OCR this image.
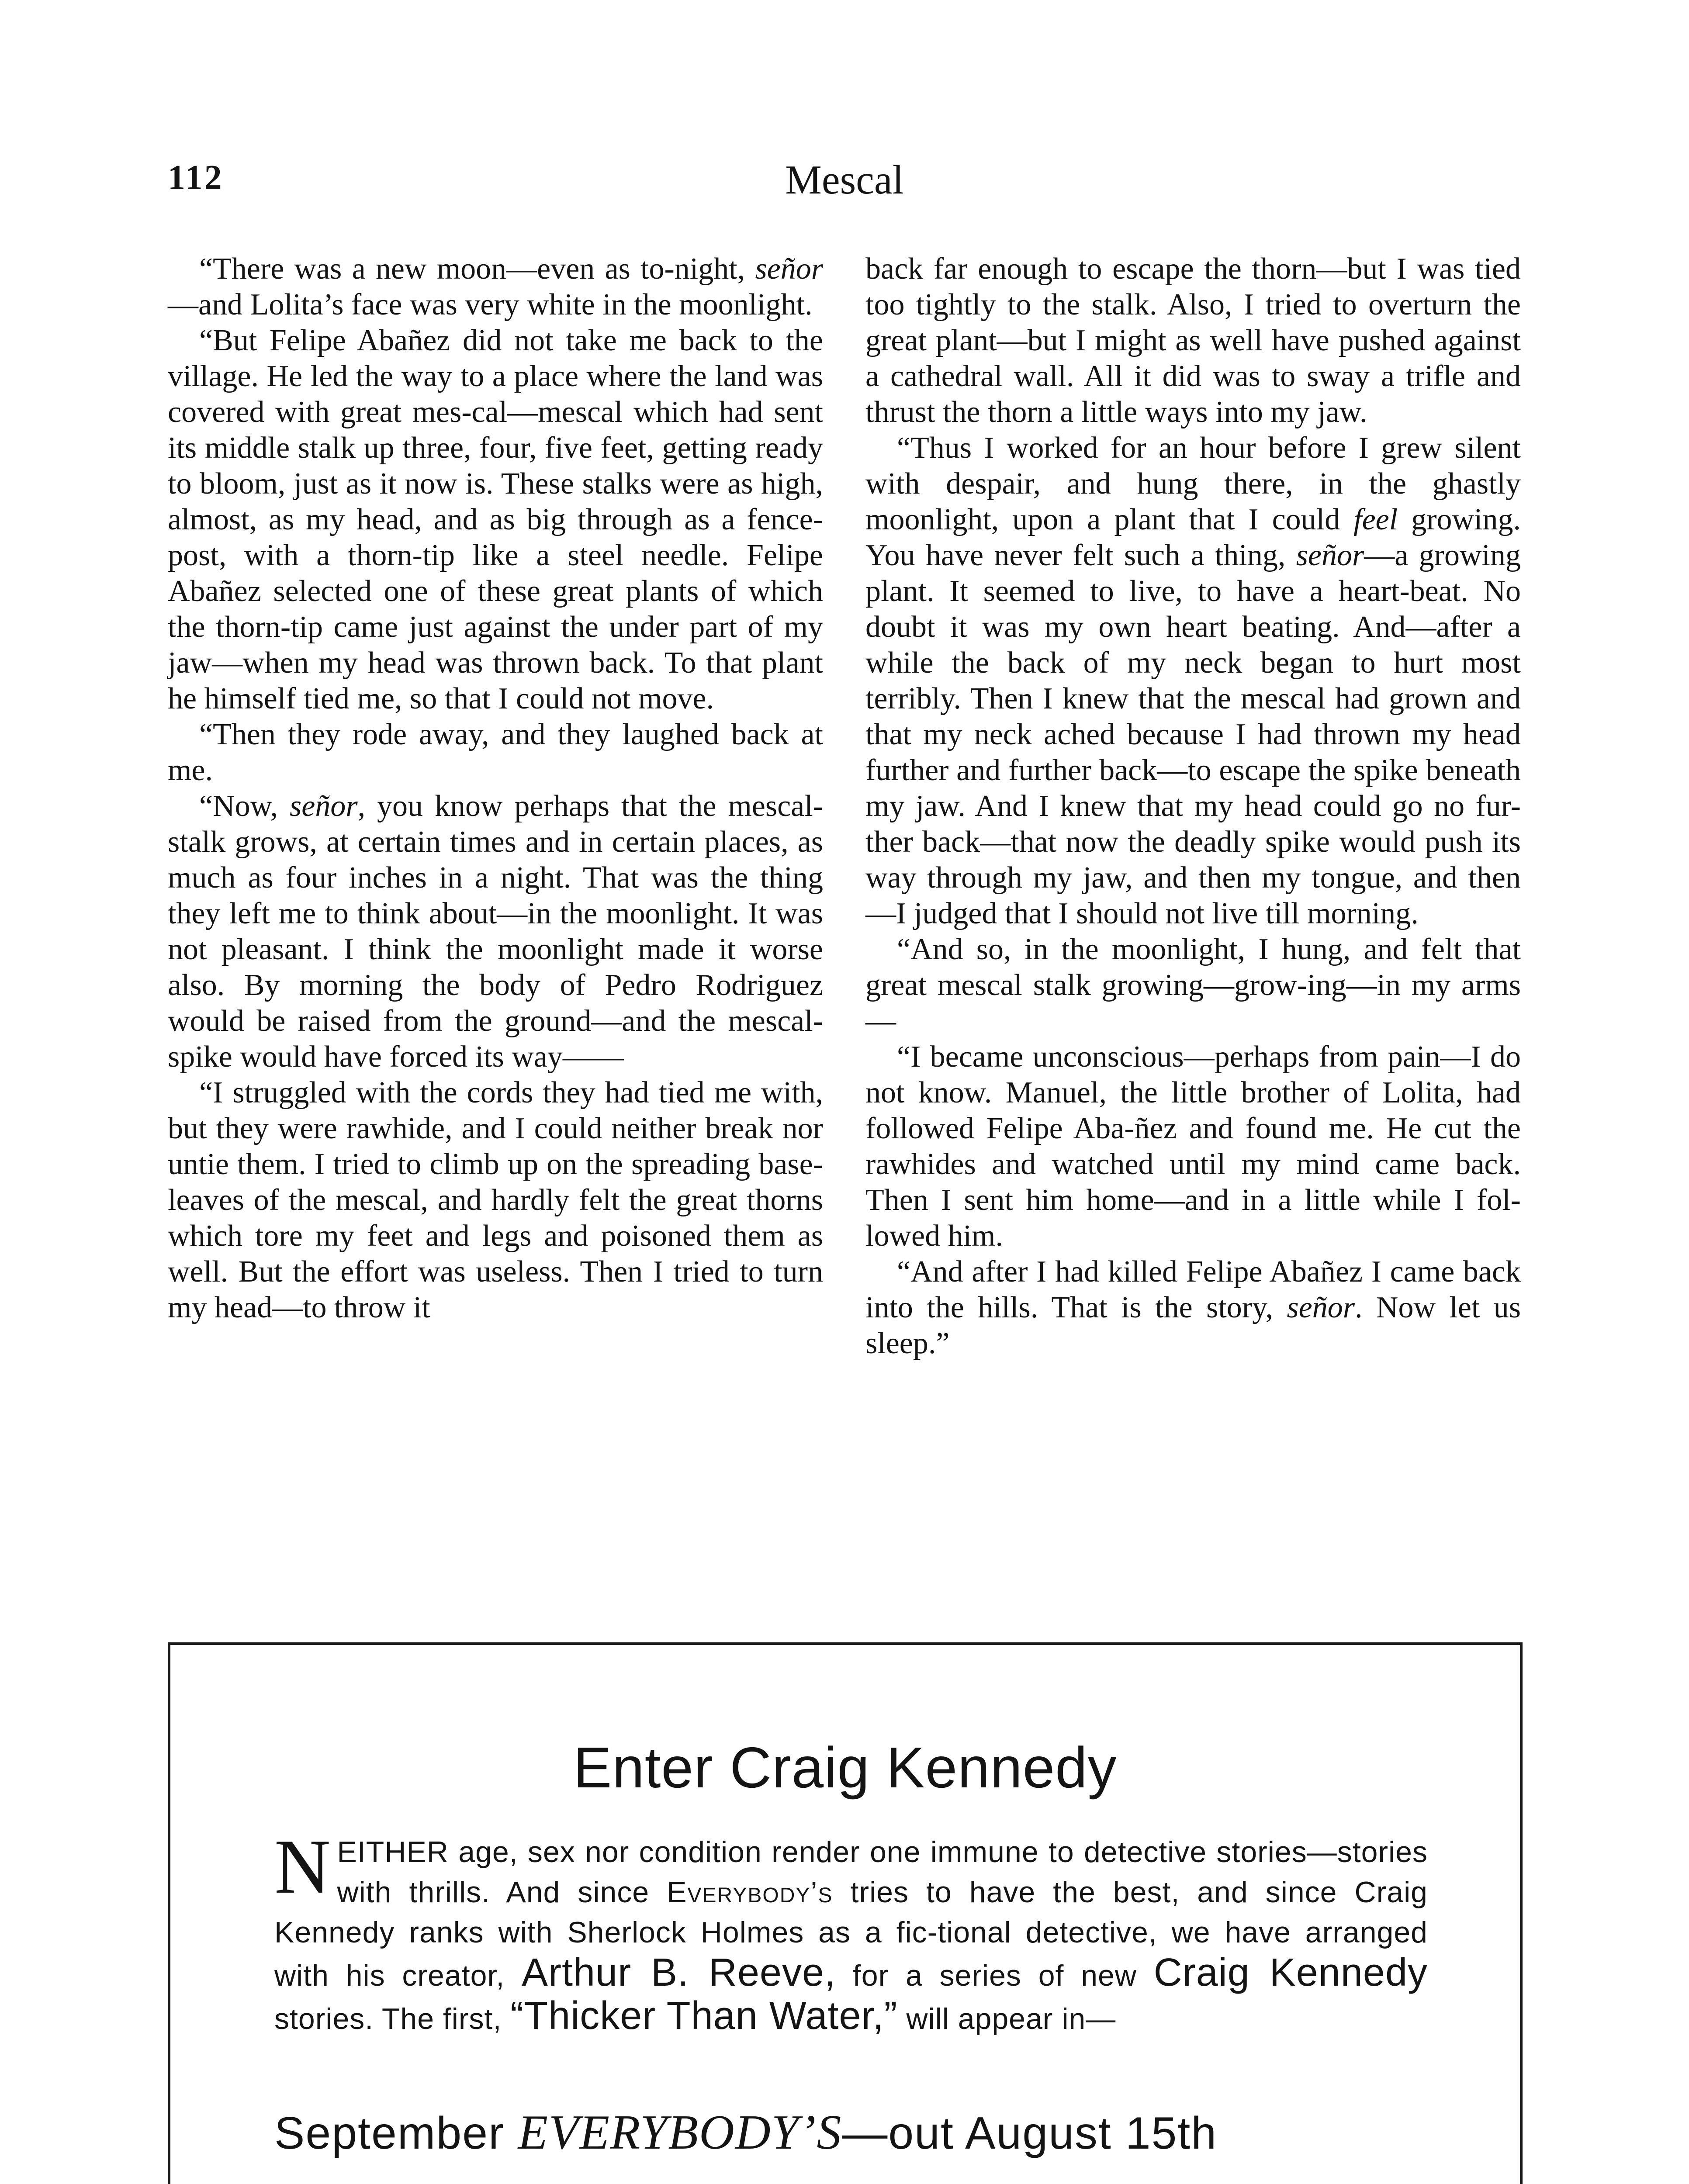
112	Mescal

“There was a new moon—even as to-night, señor—and Lolita’s face was very white in the moonlight.

“But Felipe Abañez did not take me back to the village. He led the way to a place where the land was covered with great mes-cal—mescal which had sent its middle stalk up three, four, five feet, getting ready to bloom, just as it now is. These stalks were as high, almost, as my head, and as big through as a fence-post, with a thorn-tip like a steel needle. Felipe Abañez selected one of these great plants of which the thorn-tip came just against the under part of my jaw—when my head was thrown back. To that plant he himself tied me, so that I could not move.

“Then they rode away, and they laughed back at me.

“Now, señor, you know perhaps that the mescal-stalk grows, at certain times and in certain places, as much as four inches in a night. That was the thing they left me to think about—in the moonlight. It was not pleasant. I think the moonlight made it worse also. By morning the body of Pedro Rodriguez would be raised from the ground—and the mescal-spike would have forced its way——

“I struggled with the cords they had tied me with, but they were rawhide, and I could neither break nor untie them. I tried to climb up on the spreading base-leaves of the mescal, and hardly felt the great thorns which tore my feet and legs and poisoned them as well. But the effort was useless. Then I tried to turn my head—to throw it

back far enough to escape the thorn—but I was tied too tightly to the stalk. Also, I tried to overturn the great plant—but I might as well have pushed against a cathedral wall. All it did was to sway a trifle and thrust the thorn a little ways into my jaw.

“Thus I worked for an hour before I grew silent with despair, and hung there, in the ghastly moonlight, upon a plant that I could feel growing. You have never felt such a thing, señor—a growing plant. It seemed to live, to have a heart-beat. No doubt it was my own heart beating. And—after a while the back of my neck began to hurt most terribly. Then I knew that the mescal had grown and that my neck ached because I had thrown my head further and further back—to escape the spike beneath my jaw. And I knew that my head could go no fur-ther back—that now the deadly spike would push its way through my jaw, and then my tongue, and then—I judged that I should not live till morning.

“And so, in the moonlight, I hung, and felt that great mescal stalk growing—grow-ing—in my arms—

“I became unconscious—perhaps from pain—I do not know. Manuel, the little brother of Lolita, had followed Felipe Aba-ñez and found me. He cut the rawhides and watched until my mind came back. Then I sent him home—and in a little while I fol-lowed him.

“And after I had killed Felipe Abañez I came back into the hills. That is the story, señor. Now let us sleep.”

Enter Craig Kennedy
NEITHER age, sex nor condition render one immune to detective stories—stories with thrills. And since Everybody’s tries to have the best, and since Craig Kennedy ranks with Sherlock Holmes as a fic-tional detective, we have arranged with his creator, Arthur B. Reeve, for a series of new Craig Kennedy stories. The first, “Thicker Than Water,” will appear in—
September EVERYBODY’S—out August 15th
